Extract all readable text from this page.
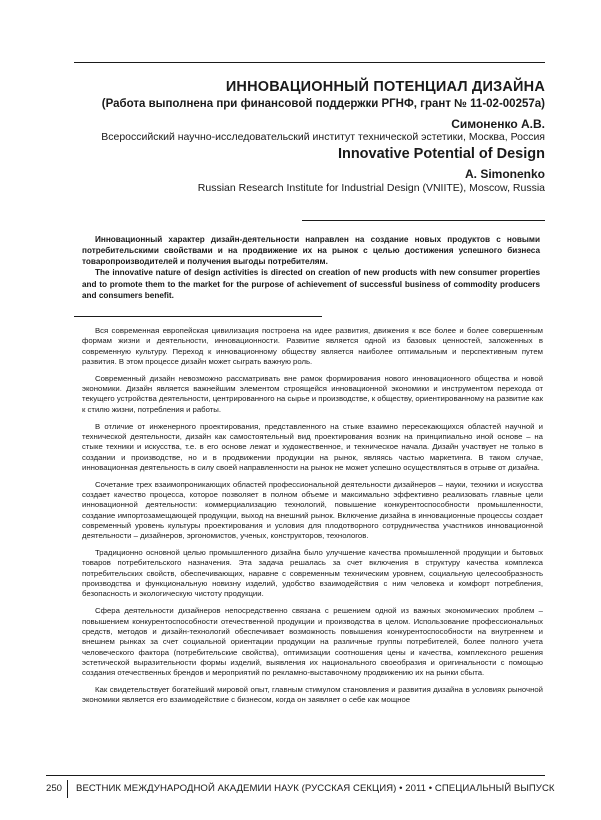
ИННОВАЦИОННЫЙ ПОТЕНЦИАЛ ДИЗАЙНА
(Работа выполнена при финансовой поддержки РГНФ, грант № 11-02-00257а)
Симоненко А.В.
Всероссийский научно-исследовательский институт технической эстетики, Москва, Россия
Innovative Potential of Design
A. Simonenko
Russian Research Institute for Industrial Design (VNIITE), Moscow, Russia

Инновационный характер дизайн-деятельности направлен на создание новых продуктов с новыми потребительскими свойствами и на продвижение их на рынок с целью достижения успешного бизнеса товаропроизводителей и получения выгоды потребителям.

The innovative nature of design activities is directed on creation of new products with new consumer properties and to promote them to the market for the purpose of achievement of successful business of commodity producers and consumers benefit.

Вся современная европейская цивилизация построена на идее развития, движения к все более и более совершенным формам жизни и деятельности, инновационности. Развитие является одной из базовых ценностей, заложенных в современную культуру. Переход к инновационному обществу является наиболее оптимальным и перспективным путем развития. В этом процессе дизайн может сыграть важную роль.

Современный дизайн невозможно рассматривать вне рамок формирования нового инновационного общества и новой экономики. Дизайн является важнейшим элементом строящейся инновационной экономики и инструментом перехода от текущего устройства деятельности, центрированного на сырье и производстве, к обществу, ориентированному на развитие как к стилю жизни, потребления и работы.

В отличие от инженерного проектирования, представленного на стыке взаимно пересекающихся областей научной и технической деятельности, дизайн как самостоятельный вид проектирования возник на принципиально иной основе – на стыке техники и искусства, т.е. в его основе лежат и художественное, и техническое начала. Дизайн участвует не только в создании и производстве, но и в продвижении продукции на рынок, являясь частью маркетинга. В таком случае, инновационная деятельность в силу своей направленности на рынок не может успешно осуществляться в отрыве от дизайна.

Сочетание трех взаимопроникающих областей профессиональной деятельности дизайнеров – науки, техники и искусства создает качество процесса, которое позволяет в полном объеме и максимально эффективно реализовать главные цели инновационной деятельности: коммерциализацию технологий, повышение конкурентоспособности промышленности, создание импортозамещающей продукции, выход на внешний рынок. Включение дизайна в инновационные процессы создает современный уровень культуры проектирования и условия для плодотворного сотрудничества участников инновационной деятельности – дизайнеров, эргономистов, ученых, конструкторов, технологов.

Традиционно основной целью промышленного дизайна было улучшение качества промышленной продукции и бытовых товаров потребительского назначения. Эта задача решалась за счет включения в структуру качества комплекса потребительских свойств, обеспечивающих, наравне с современным техническим уровнем, социальную целесообразность производства и функциональную новизну изделий, удобство взаимодействия с ним человека и комфорт потребления, безопасность и экологическую чистоту продукции.

Сфера деятельности дизайнеров непосредственно связана с решением одной из важных экономических проблем – повышением конкурентоспособности отечественной продукции и производства в целом. Использование профессиональных средств, методов и дизайн-технологий обеспечивает возможность повышения конкурентоспособности на внутреннем и внешнем рынках за счет социальной ориентации продукции на различные группы потребителей, более полного учета человеческого фактора (потребительские свойства), оптимизации соотношения цены и качества, комплексного решения эстетической выразительности формы изделий, выявления их национального своеобразия и оригинальности с помощью создания отечественных брендов и мероприятий по рекламно-выставочному продвижению их на рынки сбыта.

Как свидетельствует богатейший мировой опыт, главным стимулом становления и развития дизайна в условиях рыночной экономики является его взаимодействие с бизнесом, когда он заявляет о себе как мощное

250 ВЕСТНИК МЕЖДУНАРОДНОЙ АКАДЕМИИ НАУК (РУССКАЯ СЕКЦИЯ) • 2011 • СПЕЦИАЛЬНЫЙ ВЫПУСК
